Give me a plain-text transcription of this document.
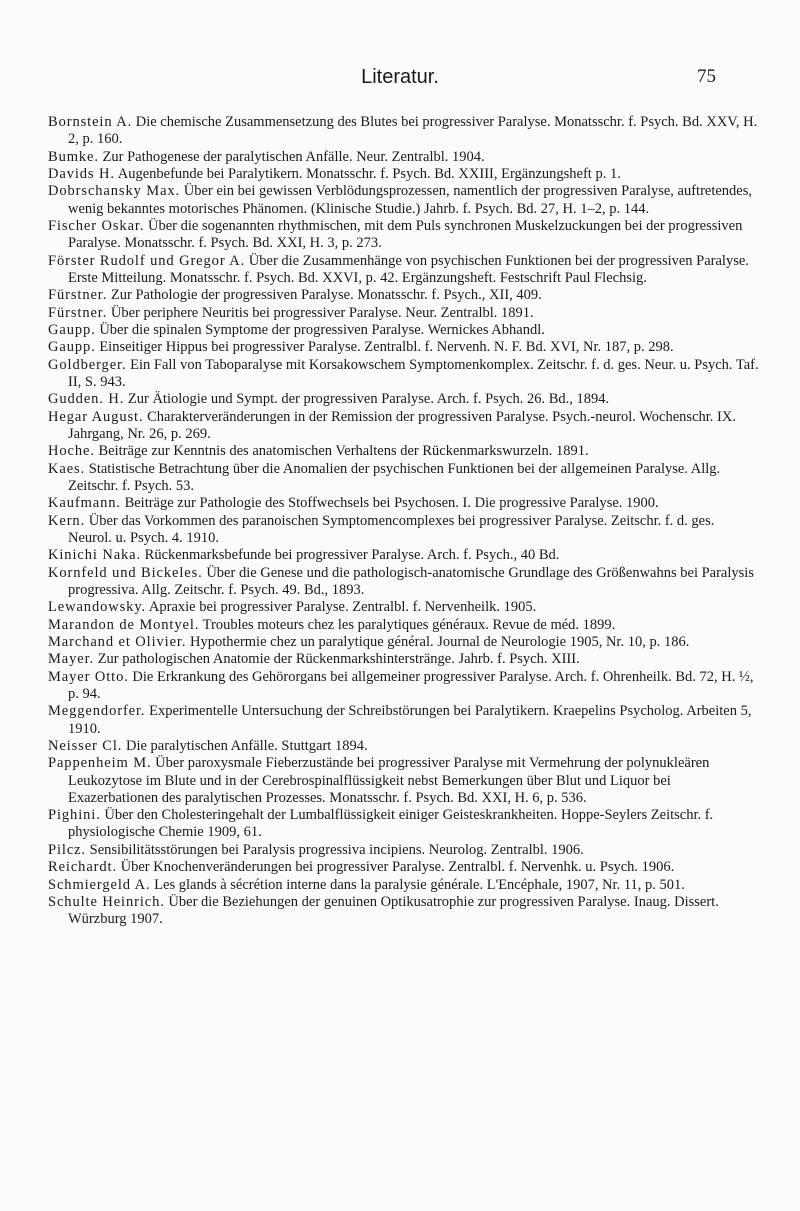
Literatur.	75

Bornstein A. Die chemische Zusammensetzung des Blutes bei progressiver Paralyse. Monatsschr. f. Psych. Bd. XXV, H. 2, p. 160.

Bumke. Zur Pathogenese der paralytischen Anfälle. Neur. Zentralbl. 1904.

Davids H. Augenbefunde bei Paralytikern. Monatsschr. f. Psych. Bd. XXIII, Ergänzungsheft p. 1.

Dobrschansky Max. Über ein bei gewissen Verblödungsprozessen, namentlich der progressiven Paralyse, auftretendes, wenig bekanntes motorisches Phänomen. (Klinische Studie.) Jahrb. f. Psych. Bd. 27, H. 1–2, p. 144.

Fischer Oskar. Über die sogenannten rhythmischen, mit dem Puls synchronen Muskelzuckungen bei der progressiven Paralyse. Monatsschr. f. Psych. Bd. XXI, H. 3, p. 273.

Förster Rudolf und Gregor A. Über die Zusammenhänge von psychischen Funktionen bei der progressiven Paralyse. Erste Mitteilung. Monatsschr. f. Psych. Bd. XXVI, p. 42. Ergänzungsheft. Festschrift Paul Flechsig.

Fürstner. Zur Pathologie der progressiven Paralyse. Monatsschr. f. Psych., XII, 409.

Fürstner. Über periphere Neuritis bei progressiver Paralyse. Neur. Zentralbl. 1891.

Gaupp. Über die spinalen Symptome der progressiven Paralyse. Wernickes Abhandl.

Gaupp. Einseitiger Hippus bei progressiver Paralyse. Zentralbl. f. Nervenh. N. F. Bd. XVI, Nr. 187, p. 298.

Goldberger. Ein Fall von Taboparalyse mit Korsakowschem Symptomenkomplex. Zeitschr. f. d. ges. Neur. u. Psych. Taf. II, S. 943.

Gudden. H. Zur Ätiologie und Sympt. der progressiven Paralyse. Arch. f. Psych. 26. Bd., 1894.

Hegar August. Charakterveränderungen in der Remission der progressiven Paralyse. Psych.-neurol. Wochenschr. IX. Jahrgang, Nr. 26, p. 269.

Hoche. Beiträge zur Kenntnis des anatomischen Verhaltens der Rückenmarkswurzeln. 1891.

Kaes. Statistische Betrachtung über die Anomalien der psychischen Funktionen bei der allgemeinen Paralyse. Allg. Zeitschr. f. Psych. 53.

Kaufmann. Beiträge zur Pathologie des Stoffwechsels bei Psychosen. I. Die progressive Paralyse. 1900.

Kern. Über das Vorkommen des paranoischen Symptomencomplexes bei progressiver Paralyse. Zeitschr. f. d. ges. Neurol. u. Psych. 4. 1910.

Kinichi Naka. Rückenmarksbefunde bei progressiver Paralyse. Arch. f. Psych., 40 Bd.

Kornfeld und Bickeles. Über die Genese und die pathologisch-anatomische Grundlage des Größenwahns bei Paralysis progressiva. Allg. Zeitschr. f. Psych. 49. Bd., 1893.

Lewandowsky. Apraxie bei progressiver Paralyse. Zentralbl. f. Nervenheilk. 1905.

Marandon de Montyel. Troubles moteurs chez les paralytiques généraux. Revue de méd. 1899.

Marchand et Olivier. Hypothermie chez un paralytique général. Journal de Neurologie 1905, Nr. 10, p. 186.

Mayer. Zur pathologischen Anatomie der Rückenmarkshinterstränge. Jahrb. f. Psych. XIII.

Mayer Otto. Die Erkrankung des Gehörorgans bei allgemeiner progressiver Paralyse. Arch. f. Ohrenheilk. Bd. 72, H. ½, p. 94.

Meggendorfer. Experimentelle Untersuchung der Schreibstörungen bei Paralytikern. Kraepelins Psycholog. Arbeiten 5, 1910.

Neisser Cl. Die paralytischen Anfälle. Stuttgart 1894.

Pappenheim M. Über paroxysmale Fieberzustände bei progressiver Paralyse mit Vermehrung der polynukleären Leukozytose im Blute und in der Cerebrospinalflüssigkeit nebst Bemerkungen über Blut und Liquor bei Exazerbationen des paralytischen Prozesses. Monatsschr. f. Psych. Bd. XXI, H. 6, p. 536.

Pighini. Über den Cholesteringehalt der Lumbalflüssigkeit einiger Geisteskrankheiten. Hoppe-Seylers Zeitschr. f. physiologische Chemie 1909, 61.

Pilcz. Sensibilitätsstörungen bei Paralysis progressiva incipiens. Neurolog. Zentralbl. 1906.

Reichardt. Über Knochenveränderungen bei progressiver Paralyse. Zentralbl. f. Nervenhk. u. Psych. 1906.

Schmiergeld A. Les glands à sécrétion interne dans la paralysie générale. L'Encéphale, 1907, Nr. 11, p. 501.

Schulte Heinrich. Über die Beziehungen der genuinen Optikusatrophie zur progressiven Paralyse. Inaug. Dissert. Würzburg 1907.
